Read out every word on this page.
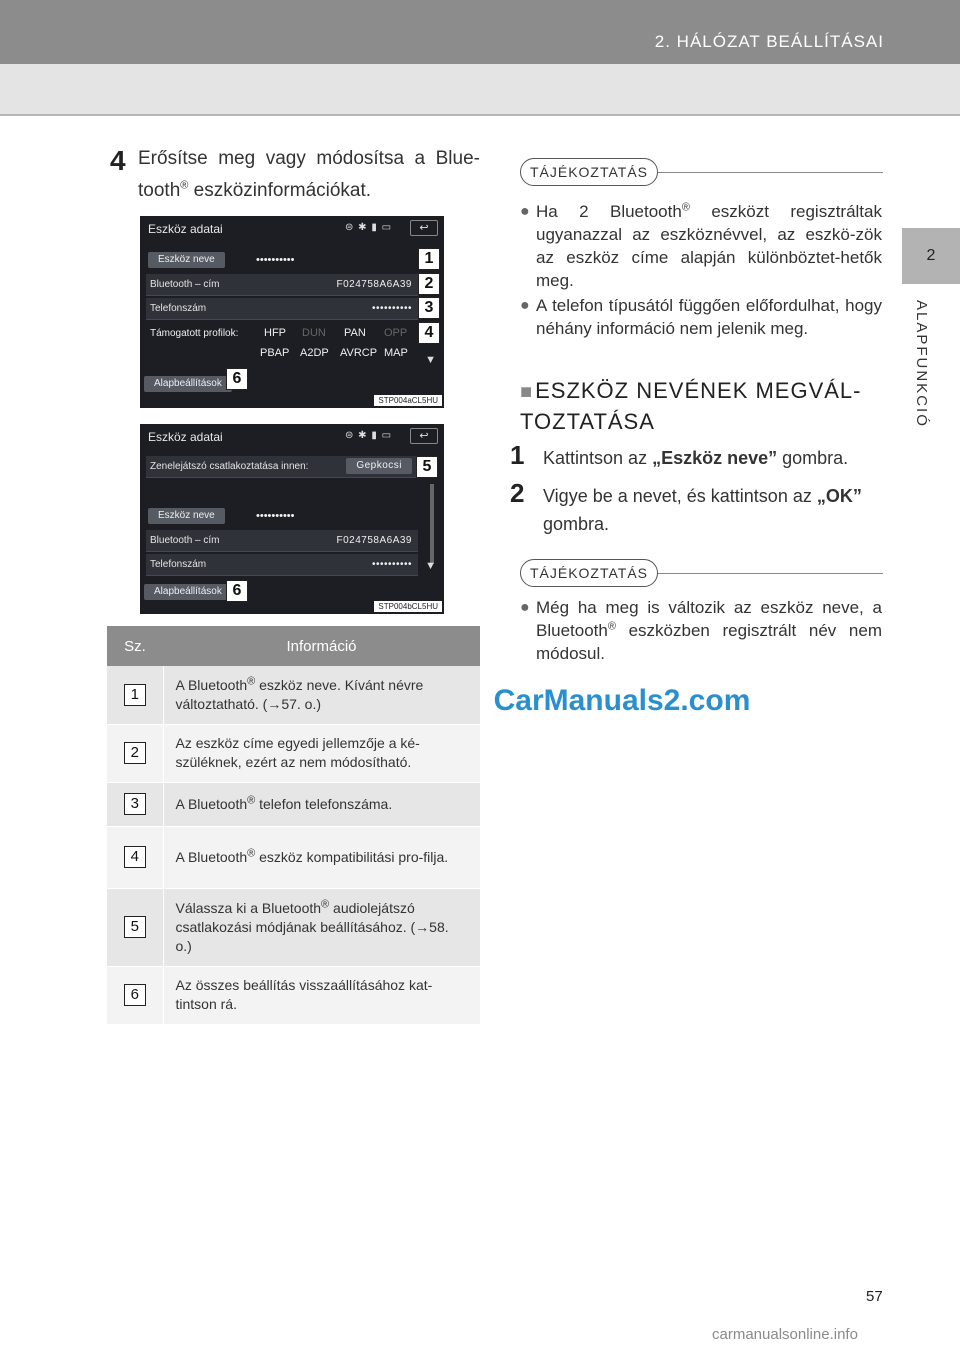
2. HÁLÓZAT BEÁLLÍTÁSAI
2
ALAPFUNKCIÓ
4 Erősítse meg vagy módosítsa a Blue-tooth® eszközinformációkat.
Eszköz adatai	⊜ ✱ ▮ ▭	↩
Eszköz neve	••••••••••
Bluetooth – cím	F024758A6A39
Telefonszám	••••••••••
Támogatott profilok: HFP DUN PAN OPP
PBAP A2DP AVRCP MAP
▼
Alapbeállítások
STP004aCL5HU
1
2
3
4
6
Eszköz adatai	⊜ ✱ ▮ ▭	↩
Zenelejátszó csatlakoztatása innen:	Gepkocsi
Eszköz neve	••••••••••
Bluetooth – cím	F024758A6A39
Telefonszám	•••••••••• ▼
Alapbeállítások
STP004bCL5HU
5
6
Sz.	Információ
1	A Bluetooth® eszköz neve. Kívánt névre változtatható. (→57. o.)
2	Az eszköz címe egyedi jellemzője a ké-szüléknek, ezért az nem módosítható.
3	A Bluetooth® telefon telefonszáma.
4	A Bluetooth® eszköz kompatibilitási pro-filja.
5	Válassza ki a Bluetooth® audiolejátszó csatlakozási módjának beállításához. (→58. o.)
6	Az összes beállítás visszaállításához kat-tintson rá.
TÁJÉKOZTATÁS
● Ha 2 Bluetooth® eszközt regisztráltak ugyanazzal az eszköznévvel, az eszkö-zök az eszköz címe alapján különböztet-hetők meg.
● A telefon típusától függően előfordulhat, hogy néhány információ nem jelenik meg.
■ESZKÖZ NEVÉNEK MEGVÁL-TOZTATÁSA
1 Kattintson az „Eszköz neve” gombra.
2 Vigye be a nevet, és kattintson az „OK” gombra.
TÁJÉKOZTATÁS
● Még ha meg is változik az eszköz neve, a Bluetooth® eszközben regisztrált név nem módosul.
CarManuals2.com
57
carmanualsonline.info
